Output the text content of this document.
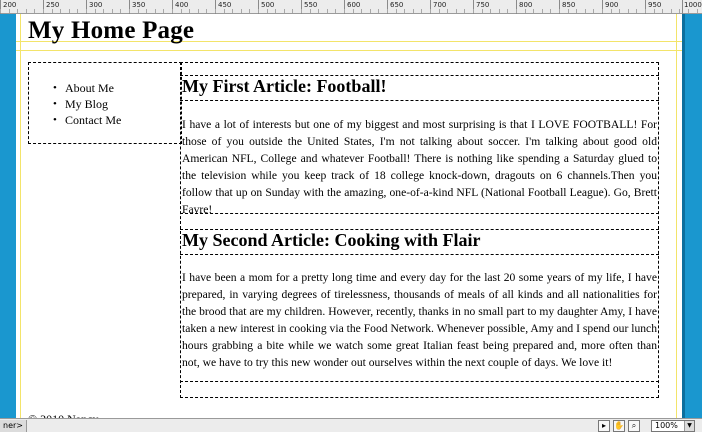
200	250	300	350	400	450	500	550	600	650	700	750	800	850	900	950	1000
My Home Page
• About Me
• My Blog
• Contact Me
My First Article: Football!

I have a lot of interests but one of my biggest and most surprising is that I LOVE FOOTBALL! For those of you outside the United States, I'm not talking about soccer. I'm talking about good old American NFL, College and whatever Football! There is nothing like spending a Saturday glued to the television while you keep track of 18 college knock-down, dragouts on 6 channels.Then you follow that up on Sunday with the amazing, one-of-a-kind NFL (National Football League). Go, Brett Favre!

My Second Article: Cooking with Flair

I have been a mom for a pretty long time and every day for the last 20 some years of my life, I have prepared, in varying degrees of tirelessness, thousands of meals of all kinds and all nationalities for the brood that are my children. However, recently, thanks in no small part to my daughter Amy, I have taken a new interest in cooking via the Food Network. Whenever possible, Amy and I spend our lunch hours grabbing a bite while we watch some great Italian feast being prepared and, more often than not, we have to try this new wonder out ourselves within the next couple of days. We love it!

ner>	▸	✋ ⌕	100%	▼
